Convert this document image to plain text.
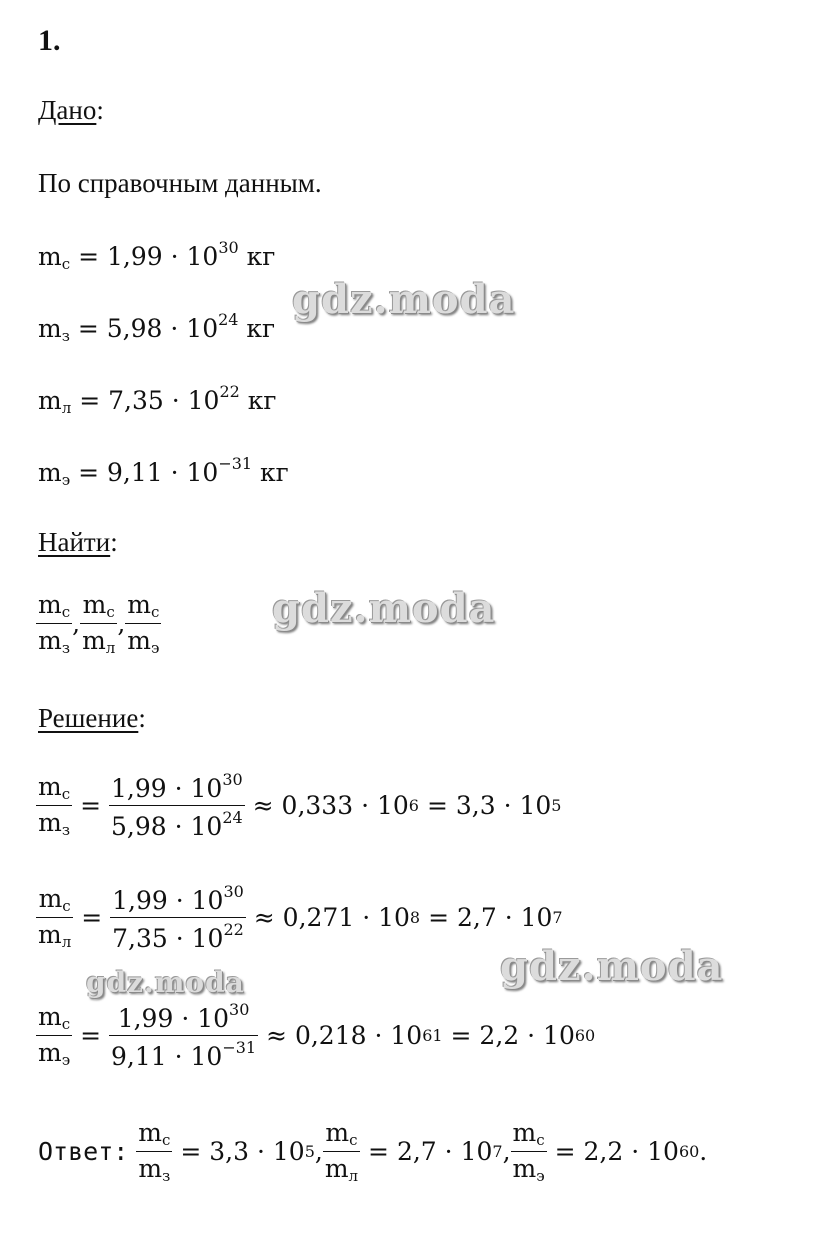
1.
Дано:
По справочным данным.
$m_с = 1,99 \cdot 10^{30}$ кг
$m_з = 5,98 \cdot 10^{24}$ кг
$m_л = 7,35 \cdot 10^{22}$ кг
$m_э = 9,11 \cdot 10^{-31}$ кг
Найти:
$\frac{m_с}{m_з}$ , $\frac{m_с}{m_л}$ , $\frac{m_с}{m_э}$
Решение:
$\frac{m_с}{m_з}$
=
$\frac{1,99 \cdot 10^{30}}{5,98 \cdot 10^{24}}$
≈
0,333
·
10 6
=
3,3
·
10 5
$\frac{m_с}{m_л}$
=
$\frac{1,99 \cdot 10^{30}}{7,35 \cdot 10^{22}}$
≈
0,271
·
10 8
=
2,7
·
10 7
$\frac{m_с}{m_э}$
=
$\frac{1,99 \cdot 10^{30}}{9,11 \cdot 10^{-31}}$
≈
0,218
·
10 61
=
2,2
·
10 60
Ответ:
$\frac{m_с}{m_з}$
=
3,3
·
10 5 , $\frac{m_с}{m_л}$
=
2,7
·
10 7 , $\frac{m_с}{m_э}$
=
2,2
·
10 60 .
gdz.moda
gdz.moda
gdz.moda	gdz.moda
